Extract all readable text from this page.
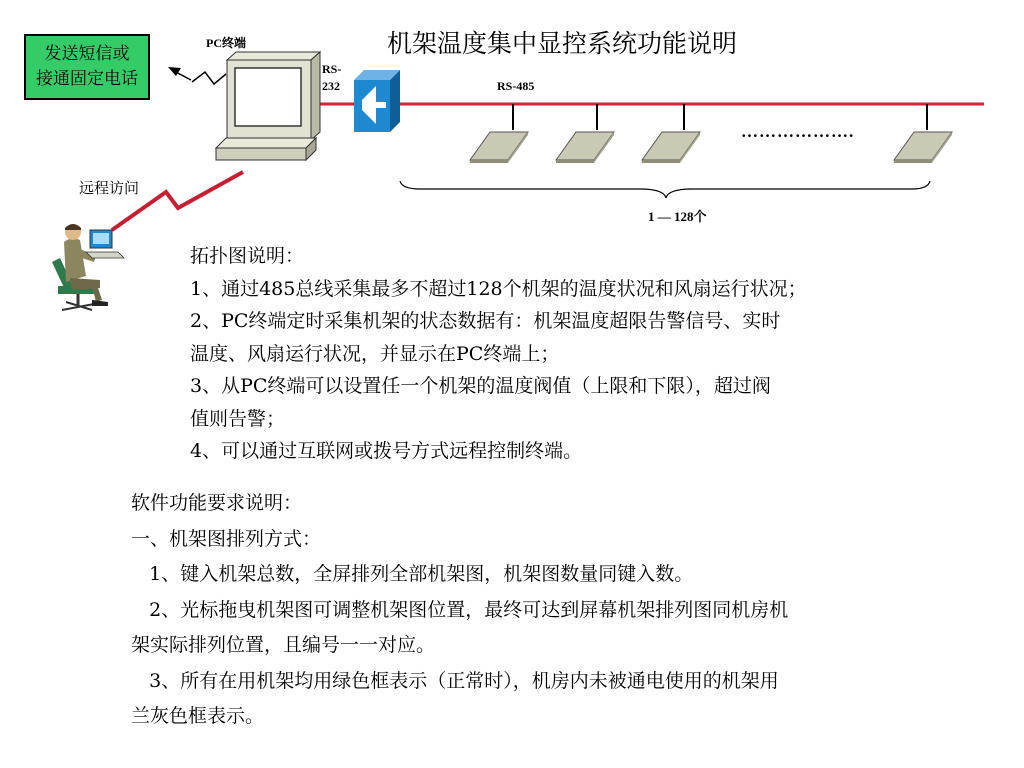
机架温度集中显控系统功能说明
发送短信或
接通固定电话
PC终端
RS-
232	RS-485
远程访问
……………….
1 — 128个

拓扑图说明：

1、通过485总线采集最多不超过128个机架的温度状况和风扇运行状况；

2、PC终端定时采集机架的状态数据有：机架温度超限告警信号、实时

温度、风扇运行状况，并显示在PC终端上；

3、从PC终端可以设置任一个机架的温度阀值（上限和下限），超过阀

值则告警；

4、可以通过互联网或拨号方式远程控制终端。

软件功能要求说明：

一、机架图排列方式：

1、键入机架总数，全屏排列全部机架图，机架图数量同键入数。

2、光标拖曳机架图可调整机架图位置，最终可达到屏幕机架排列图同机房机

架实际排列位置，且编号一一对应。

3、所有在用机架均用绿色框表示（正常时），机房内未被通电使用的机架用

兰灰色框表示。
